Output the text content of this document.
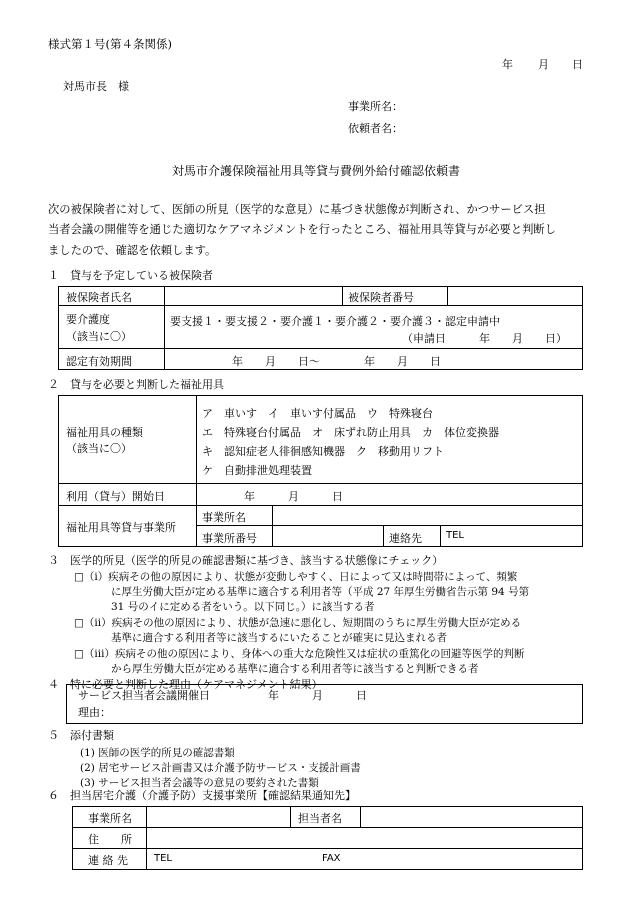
様式第１号(第４条関係)
年 月 日
対馬市長　様
事業所名：
依頼者名：
対馬市介護保険福祉用具等貸与費例外給付確認依頼書
次の被保険者に対して、医師の所見（医学的な意見）に基づき状態像が判断され、かつサービス担
当者会議の開催等を通じた適切なケアマネジメントを行ったところ、福祉用具等貸与が必要と判断し
ましたので、確認を依頼します。
１　貸与を予定している被保険者
被保険者氏名	被保険者番号
要介護度
（該当に〇）
要支援１・要支援２・要介護１・要介護２・要介護３・認定申請中
（申請日　　　年　　月　　日）
認定有効期間	年　　月　　日～　　　　年　　月　　日
２　貸与を必要と判断した福祉用具
福祉用具の種類
（該当に〇）
ア　車いす　イ　車いす付属品　ウ　特殊寝台
エ　特殊寝台付属品　オ　床ずれ防止用具　カ　体位変換器
キ　認知症老人徘徊感知機器　ク　移動用リフト
ケ　自動排泄処理装置
利用（貸与）開始日	年　　　月　　　日
福祉用具等貸与事業所
事業所名
事業所番号	連絡先 TEL
３　医学的所見（医学的所見の確認書類に基づき、該当する状態像にチェック）
□（ⅰ）疾病その他の原因により、状態が変動しやすく、日によって又は時間帯によって、頻繁
に厚生労働大臣が定める基準に適合する利用者等（平成 27 年厚生労働省告示第 94 号第
31 号のイに定める者をいう。以下同じ。）に該当する者
□（ⅱ）疾病その他の原因により、状態が急速に悪化し、短期間のうちに厚生労働大臣が定める
基準に適合する利用者等に該当するにいたることが確実に見込まれる者
□（ⅲ）疾病その他の原因により、身体への重大な危険性又は症状の重篤化の回避等医学的判断
から厚生労働大臣が定める基準に適合する利用者等に該当すると判断できる者
４　特に必要と判断した理由（ケアマネジメント結果）
サービス担当者会議開催日	年　　　月　　　日
理由：
５　添付書類
(1) 医師の医学的所見の確認書類
(2) 居宅サービス計画書又は介護予防サービス・支援計画書
(3) サービス担当者会議等の意見の要約された書類
６　担当居宅介護（介護予防）支援事業所【確認結果通知先】
事業所名	担当者名
住　　所
連 絡 先	TEL	FAX
